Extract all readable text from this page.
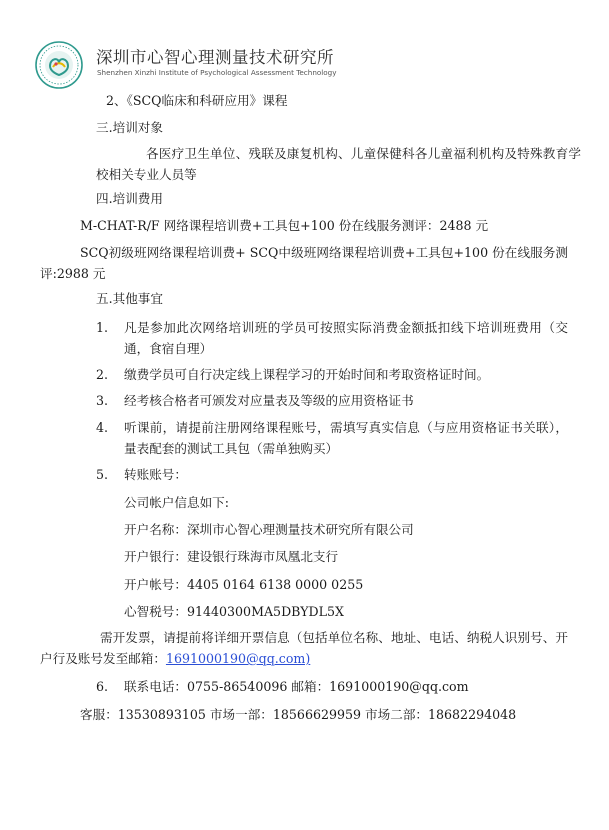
深圳市心智心理测量技术研究所
Shenzhen Xinzhi Institute of Psychological Assessment Technology
2、《SCQ临床和科研应用》课程
三.培训对象
各医疗卫生单位、残联及康复机构、儿童保健科各儿童福利机构及特殊教育学校相关专业人员等
四.培训费用
M-CHAT-R/F 网络课程培训费+工具包+100 份在线服务测评：2488 元
SCQ初级班网络课程培训费+ SCQ中级班网络课程培训费+工具包+100 份在线服务测评:2988 元
五.其他事宜
1. 凡是参加此次网络培训班的学员可按照实际消费金额抵扣线下培训班费用（交通，食宿自理）
2. 缴费学员可自行决定线上课程学习的开始时间和考取资格证时间。
3. 经考核合格者可颁发对应量表及等级的应用资格证书
4. 听课前，请提前注册网络课程账号，需填写真实信息（与应用资格证书关联），量表配套的测试工具包（需单独购买）
5. 转账账号：
公司帐户信息如下:
开户名称：深圳市心智心理测量技术研究所有限公司
开户银行：建设银行珠海市凤凰北支行
开户帐号：4405 0164 6138 0000 0255
心智税号：91440300MA5DBYDL5X
需开发票，请提前将详细开票信息（包括单位名称、地址、电话、纳税人识别号、开户行及账号发至邮箱：1691000190@qq.com)
6. 联系电话：0755-86540096 邮箱：1691000190@qq.com
客服：13530893105 市场一部：18566629959 市场二部：18682294048
